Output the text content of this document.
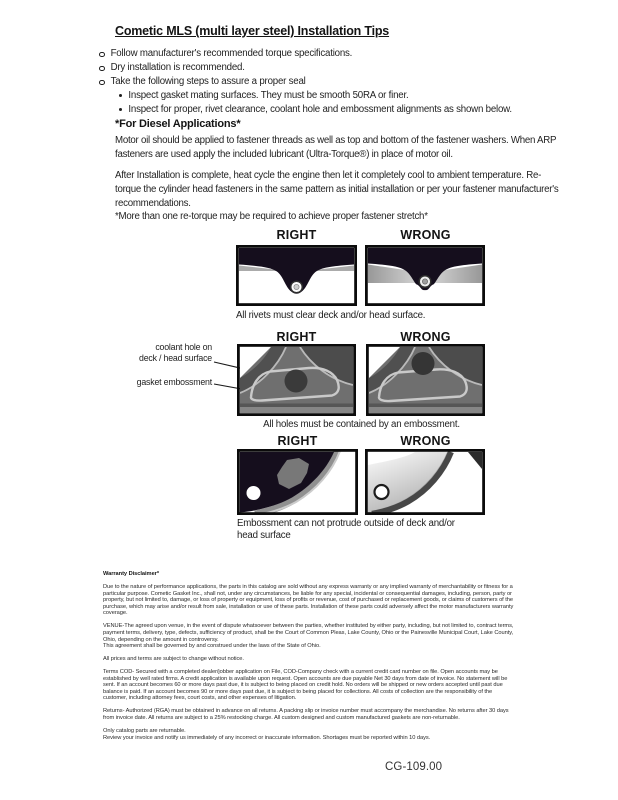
Cometic MLS (multi layer steel) Installation Tips
Follow manufacturer's recommended torque specifications.
Dry installation is recommended.
Take the following steps to assure a proper seal
Inspect gasket mating surfaces. They must be smooth 50RA or finer.
Inspect for proper, rivet clearance, coolant hole and embossment alignments as shown below.
*For Diesel Applications*
Motor oil should be applied to fastener threads as well as top and bottom of the fastener washers. When ARP fasteners are used apply the included lubricant (Ultra-Torque®) in place of motor oil.
After Installation is complete, heat cycle the engine then let it completely cool to ambient temperature. Re-torque the cylinder head fasteners in the same pattern as initial installation or per your fastener manufacturer's recommendations.
*More than one re-torque may be required to achieve proper fastener stretch*
RIGHT	WRONG
All rivets must clear deck and/or head surface.
coolant hole on
deck / head surface
gasket embossment
RIGHT	WRONG
All holes must be contained by an embossment.
RIGHT	WRONG
Embossment can not protrude outside of deck and/or head surface

Warranty Disclaimer*

Due to the nature of performance applications, the parts in this catalog are sold without any express warranty or any implied warranty of merchantability or fitness for a particular purpose. Cometic Gasket Inc., shall not, under any circumstances, be liable for any special, incidental or consequential damages, including, person, party or property, but not limited to, damage, or loss of property or equipment, loss of profits or revenue, cost of purchased or replacement goods, or claims of customers of the purchase, which may arise and/or result from sale, installation or use of these parts. Installation of these parts could adversely affect the motor manufacturers warranty coverage.

VENUE-The agreed upon venue, in the event of dispute whatsoever between the parties, whether instituted by either party, including, but not limited to, contract terms, payment terms, delivery, type, defects, sufficiency of product, shall be the Court of Common Pleas, Lake County, Ohio or the Painesville Municipal Court, Lake County, Ohio, depending on the amount in controversy.

This agreement shall be governed by and construed under the laws of the State of Ohio.

All prices and terms are subject to change without notice.

Terms COD- Secured with a completed dealer/jobber application on File, COD-Company check with a current credit card number on file. Open accounts may be established by well rated firms. A credit application is available upon request. Open accounts are due payable Net 30 days from date of invoice. No statement will be sent. If an account becomes 60 or more days past due, it is subject to being placed on credit hold. No orders will be shipped or new orders accepted until past due balance is paid. If an account becomes 90 or more days past due, it is subject to being placed for collections. All costs of collection are the responsibility of the customer, including attorney fees, court costs, and other expenses of litigation.

Returns- Authorized (RGA) must be obtained in advance on all returns. A packing slip or invoice number must accompany the merchandise. No returns after 30 days from invoice date. All returns are subject to a 25% restocking charge. All custom designed and custom manufactured gaskets are non-returnable.

Only catalog parts are returnable.

Review your invoice and notify us immediately of any incorrect or inaccurate information. Shortages must be reported within 10 days.

CG-109.00
